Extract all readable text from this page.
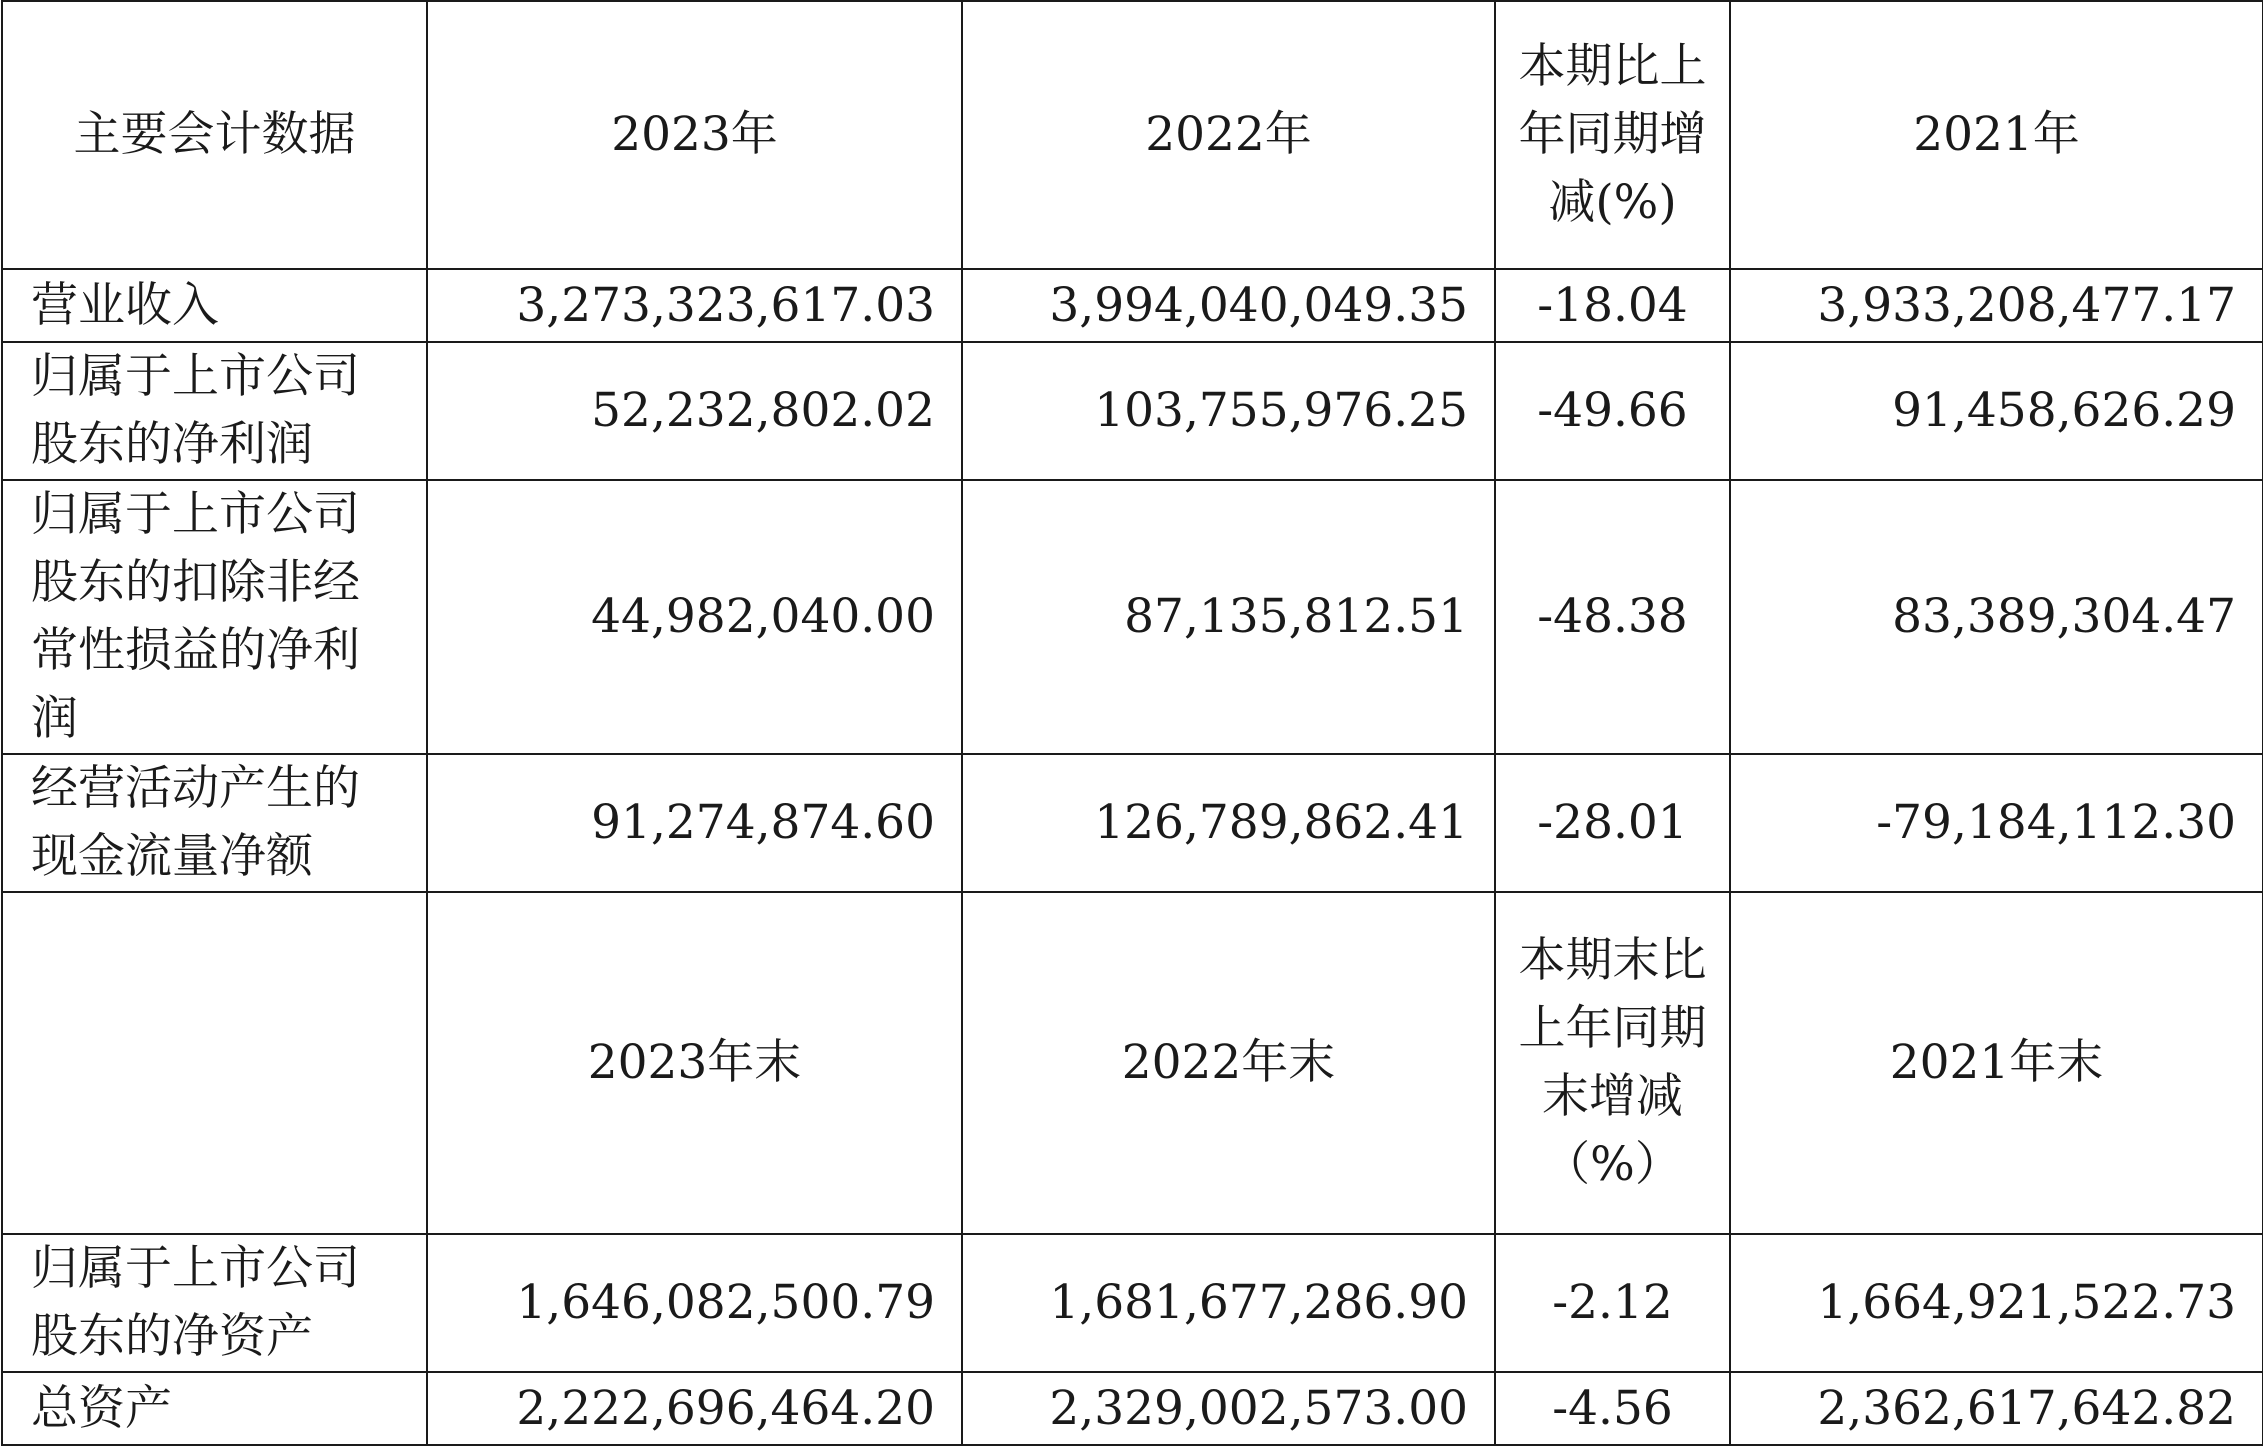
主要会计数据	2023年	2022年	本期比上年同期增减(%)	2021年
营业收入	3,273,323,617.03	3,994,040,049.35	-18.04	3,933,208,477.17
归属于上市公司股东的净利润	52,232,802.02	103,755,976.25	-49.66	91,458,626.29
归属于上市公司股东的扣除非经常性损益的净利润	44,982,040.00	87,135,812.51	-48.38	83,389,304.47
经营活动产生的现金流量净额	91,274,874.60	126,789,862.41	-28.01	-79,184,112.30
	2023年末	2022年末	本期末比上年同期末增减（%）	2021年末
归属于上市公司股东的净资产	1,646,082,500.79	1,681,677,286.90	-2.12	1,664,921,522.73
总资产	2,222,696,464.20	2,329,002,573.00	-4.56	2,362,617,642.82
